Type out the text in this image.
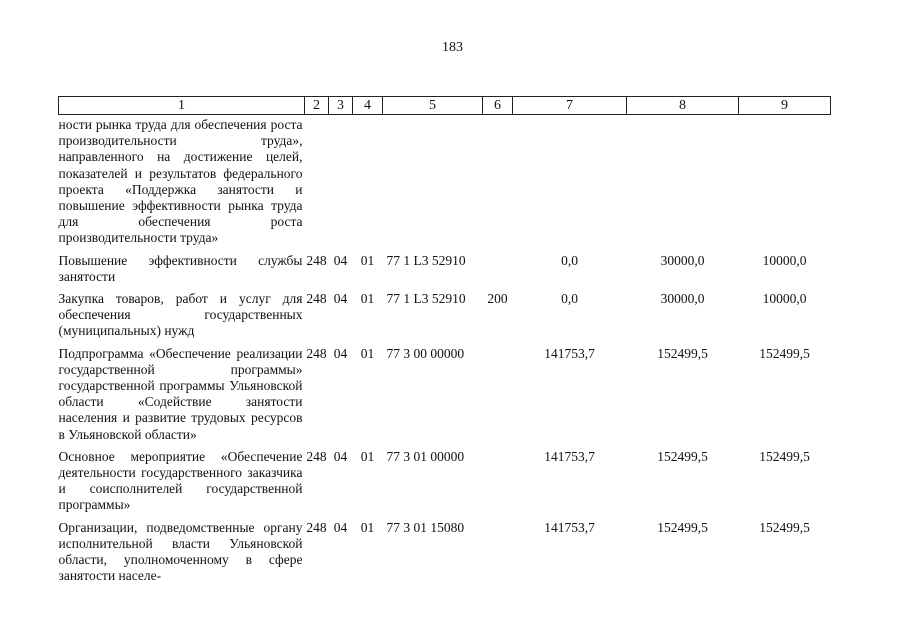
183
1	2	3	4	5	6	7	8	9
ности рынка труда для обеспечения роста производительности труда», направленного на достижение целей, показателей и результатов федерального проекта «Поддержка занятости и повышение эффективности рынка труда для обеспечения роста производительности труда»								
Повышение эффективности службы занятости	248	04	01	77 1 L3 52910		0,0	30000,0	10000,0
Закупка товаров, работ и услуг для обеспечения государственных (муниципальных) нужд	248	04	01	77 1 L3 52910	200	0,0	30000,0	10000,0
Подпрограмма «Обеспечение реализации государственной программы» государственной программы Ульяновской области «Содействие занятости населения и развитие трудовых ресурсов в Ульяновской области»	248	04	01	77 3 00 00000		141753,7	152499,5	152499,5
Основное мероприятие «Обеспечение деятельности государственного заказчика и соисполнителей государственной программы»	248	04	01	77 3 01 00000		141753,7	152499,5	152499,5
Организации, подведомственные органу исполнительной власти Ульяновской области, уполномоченному в сфере занятости населе-	248	04	01	77 3 01 15080		141753,7	152499,5	152499,5
